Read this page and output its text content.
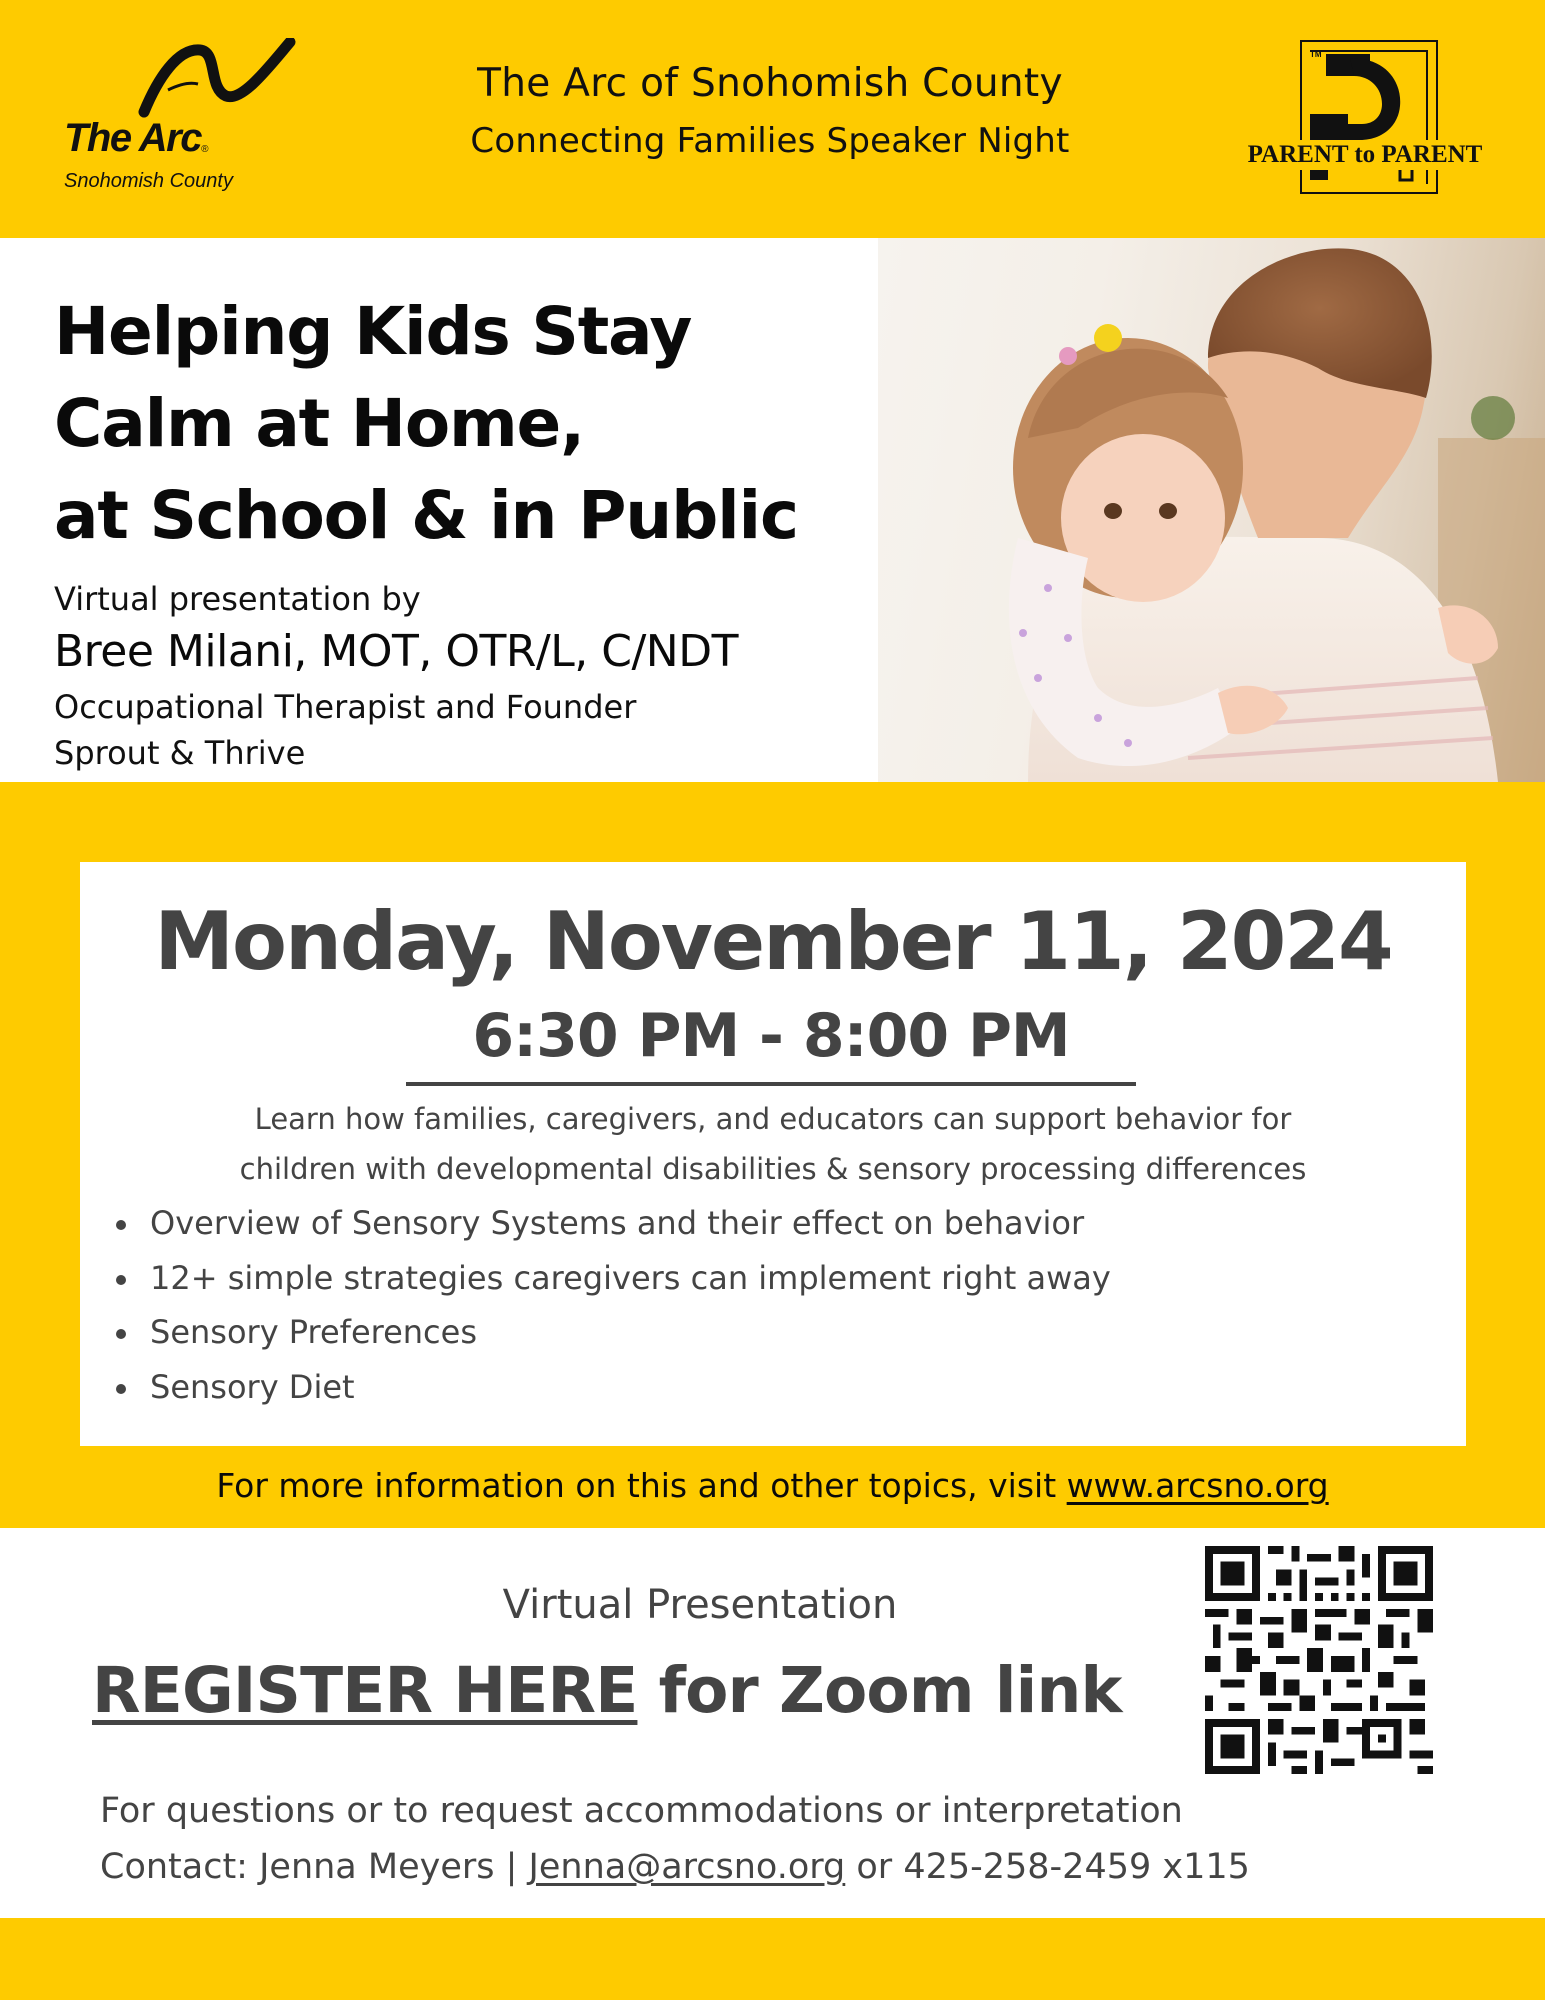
The Arc®
Snohomish County
The Arc of Snohomish County
Connecting Families Speaker Night
TM
PARENT to PARENT
Helping Kids Stay
Calm at Home,
at School & in Public
Virtual presentation by
Bree Milani, MOT, OTR/L, C/NDT
Occupational Therapist and Founder
Sprout & Thrive
Monday, November 11, 2024
6:30 PM - 8:00 PM
Learn how families, caregivers, and educators can support behavior for
children with developmental disabilities & sensory processing differences
Overview of Sensory Systems and their effect on behavior
12+ simple strategies caregivers can implement right away
Sensory Preferences
Sensory Diet
For more information on this and other topics, visit www.arcsno.org
Virtual Presentation
REGISTER HERE for Zoom link
For questions or to request accommodations or interpretation
Contact: Jenna Meyers | Jenna@arcsno.org or 425-258-2459 x115
